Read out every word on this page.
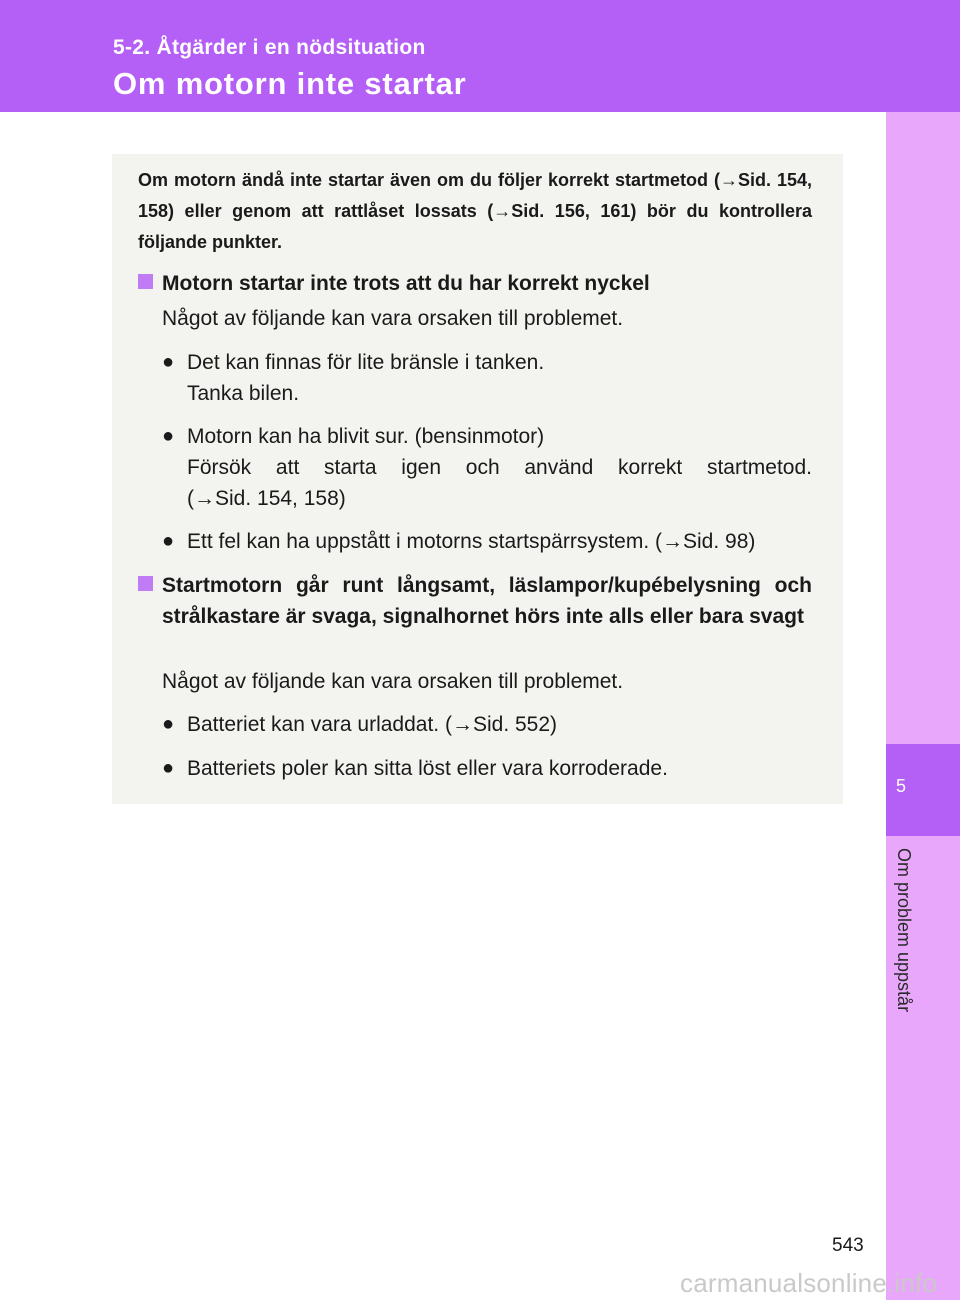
5-2. Åtgärder i en nödsituation
Om motorn inte startar
5
Om problem uppstår
Om motorn ändå inte startar även om du följer korrekt startmetod (→Sid. 154, 158) eller genom att rattlåset lossats (→Sid. 156, 161) bör du kontrollera följande punkter.
Motorn startar inte trots att du har korrekt nyckel
Något av följande kan vara orsaken till problemet.
● Det kan finnas för lite bränsle i tanken.
Tanka bilen.
● Motorn kan ha blivit sur. (bensinmotor)
Försök att starta igen och använd korrekt startmetod.
(→Sid. 154, 158)
● Ett fel kan ha uppstått i motorns startspärrsystem. (→Sid. 98)
Startmotorn går runt långsamt, läslampor/kupébelysning och strålkastare är svaga, signalhornet hörs inte alls eller bara svagt
Något av följande kan vara orsaken till problemet.
● Batteriet kan vara urladdat. (→Sid. 552)
● Batteriets poler kan sitta löst eller vara korroderade.
543
carmanualsonline.info
